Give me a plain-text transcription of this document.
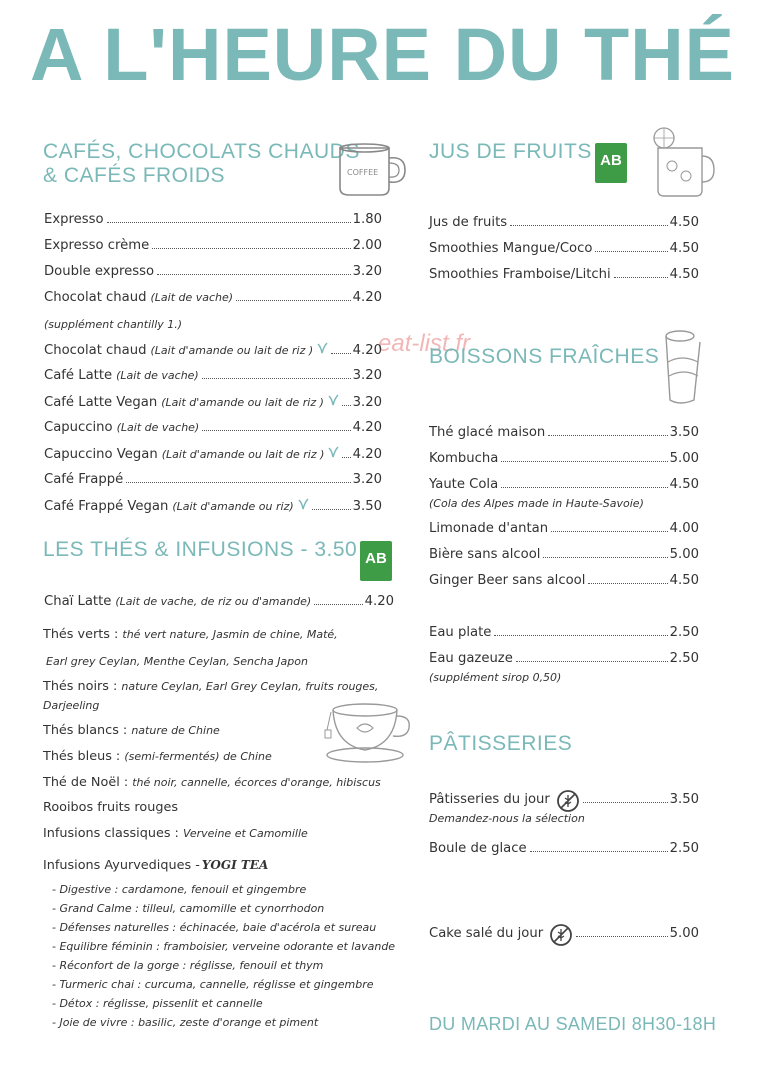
A L'HEURE DU THÉ
eat-list.fr
CAFÉS, CHOCOLATS CHAUDS
& CAFÉS FROIDS	COFFEE
Expresso	1.80
Expresso crème	2.00
Double expresso	3.20
Chocolat chaud (Lait de vache)	4.20
(supplément chantilly 1.)
Chocolat chaud (Lait d'amande ou lait de riz )	4.20
Café Latte (Lait de vache)	3.20
Café Latte Vegan (Lait d'amande ou lait de riz ) 3.20
Capuccino (Lait de vache)	4.20
Capuccino Vegan (Lait d'amande ou lait de riz ) 4.20
Café Frappé	3.20
Café Frappé Vegan (Lait d'amande ou riz)	3.50
LES THÉS & INFUSIONS - 3.50 AB
Chaï Latte (Lait de vache, de riz ou d'amande)	4.20
Thés verts : thé vert nature, Jasmin de chine, Maté,
Earl grey Ceylan, Menthe Ceylan, Sencha Japon
Thés noirs : nature Ceylan, Earl Grey Ceylan, fruits rouges,
Darjeeling
Thés blancs : nature de Chine
Thés bleus : (semi-fermentés) de Chine
Thé de Noël : thé noir, cannelle, écorces d'orange, hibiscus
Rooibos fruits rouges
Infusions classiques : Verveine et Camomille
Infusions Ayurvediques - YOGI TEA
- Digestive : cardamone, fenouil et gingembre
- Grand Calme : tilleul, camomille et cynorrhodon
- Défenses naturelles : échinacée, baie d'acérola et sureau
- Equilibre féminin : framboisier, verveine odorante et lavande
- Réconfort de la gorge : réglisse, fenouil et thym
- Turmeric chai : curcuma, cannelle, réglisse et gingembre
- Détox : réglisse, pissenlit et cannelle
- Joie de vivre : basilic, zeste d'orange et piment
JUS DE FRUITS AB
Jus de fruits	4.50
Smoothies Mangue/Coco	4.50
Smoothies Framboise/Litchi	4.50
BOISSONS FRAÎCHES
Thé glacé maison	3.50
Kombucha	5.00
Yaute Cola	4.50
(Cola des Alpes made in Haute-Savoie)
Limonade d'antan	4.00
Bière sans alcool	5.00
Ginger Beer sans alcool	4.50
Eau plate	2.50
Eau gazeuze	2.50
(supplément sirop 0,50)
PÂTISSERIES
Pâtisseries du jour	3.50
Demandez-nous la sélection
Boule de glace	2.50
Cake salé du jour	5.00
DU MARDI AU SAMEDI 8H30-18H
